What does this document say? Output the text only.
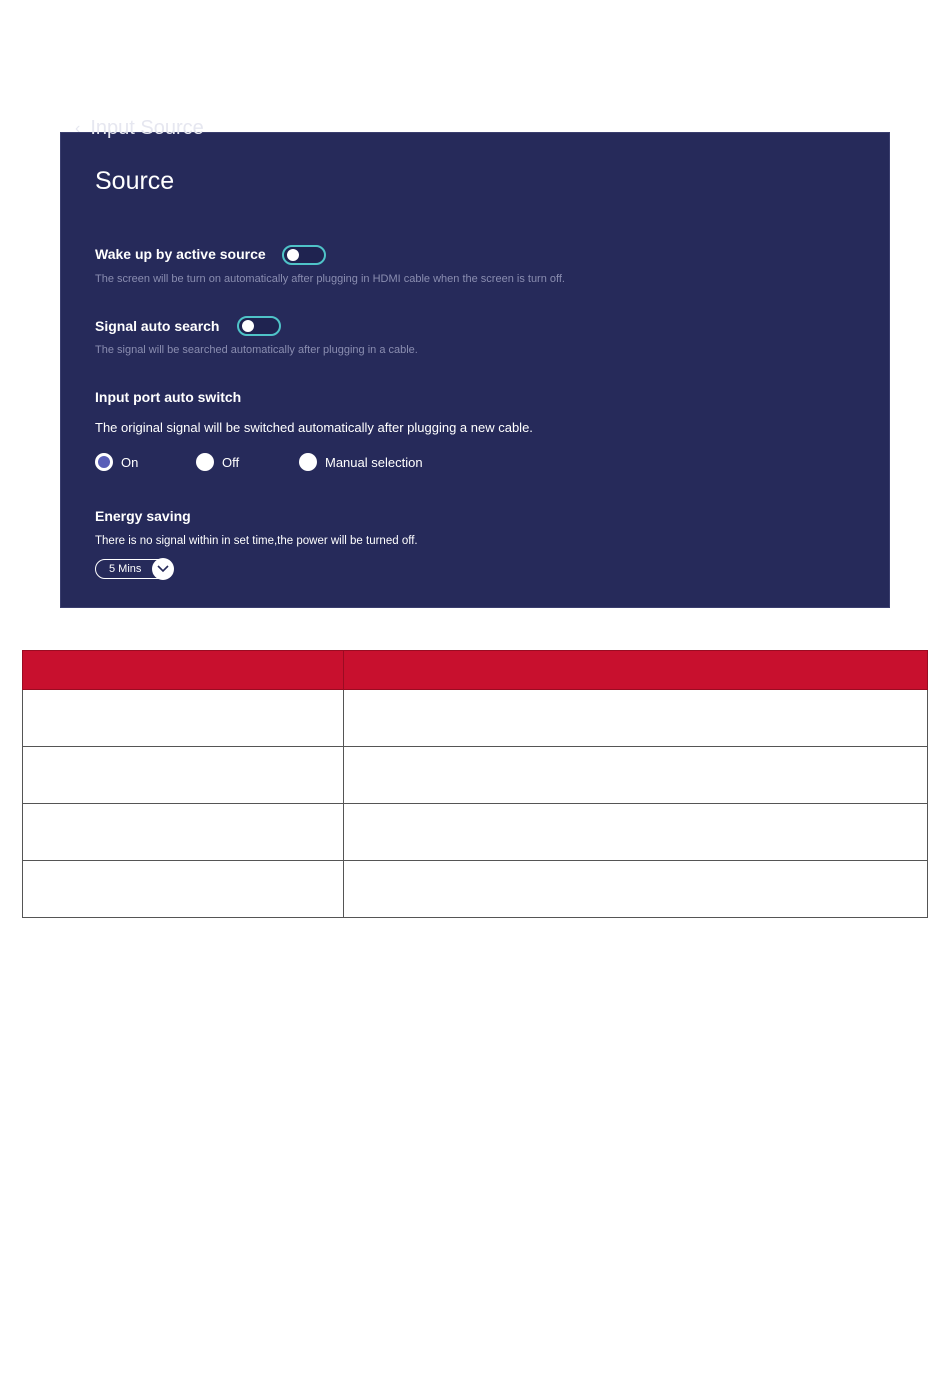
‹ Input Source
Source
Wake up by active source
The screen will be turn on automatically after plugging in HDMI cable when the screen is turn off.
Signal auto search
The signal will be searched automatically after plugging in a cable.
Input port auto switch
The original signal will be switched automatically after plugging a new cable.
On	Off	Manual selection
Energy saving
There is no signal within in set time,the power will be turned off.
5 Mins
